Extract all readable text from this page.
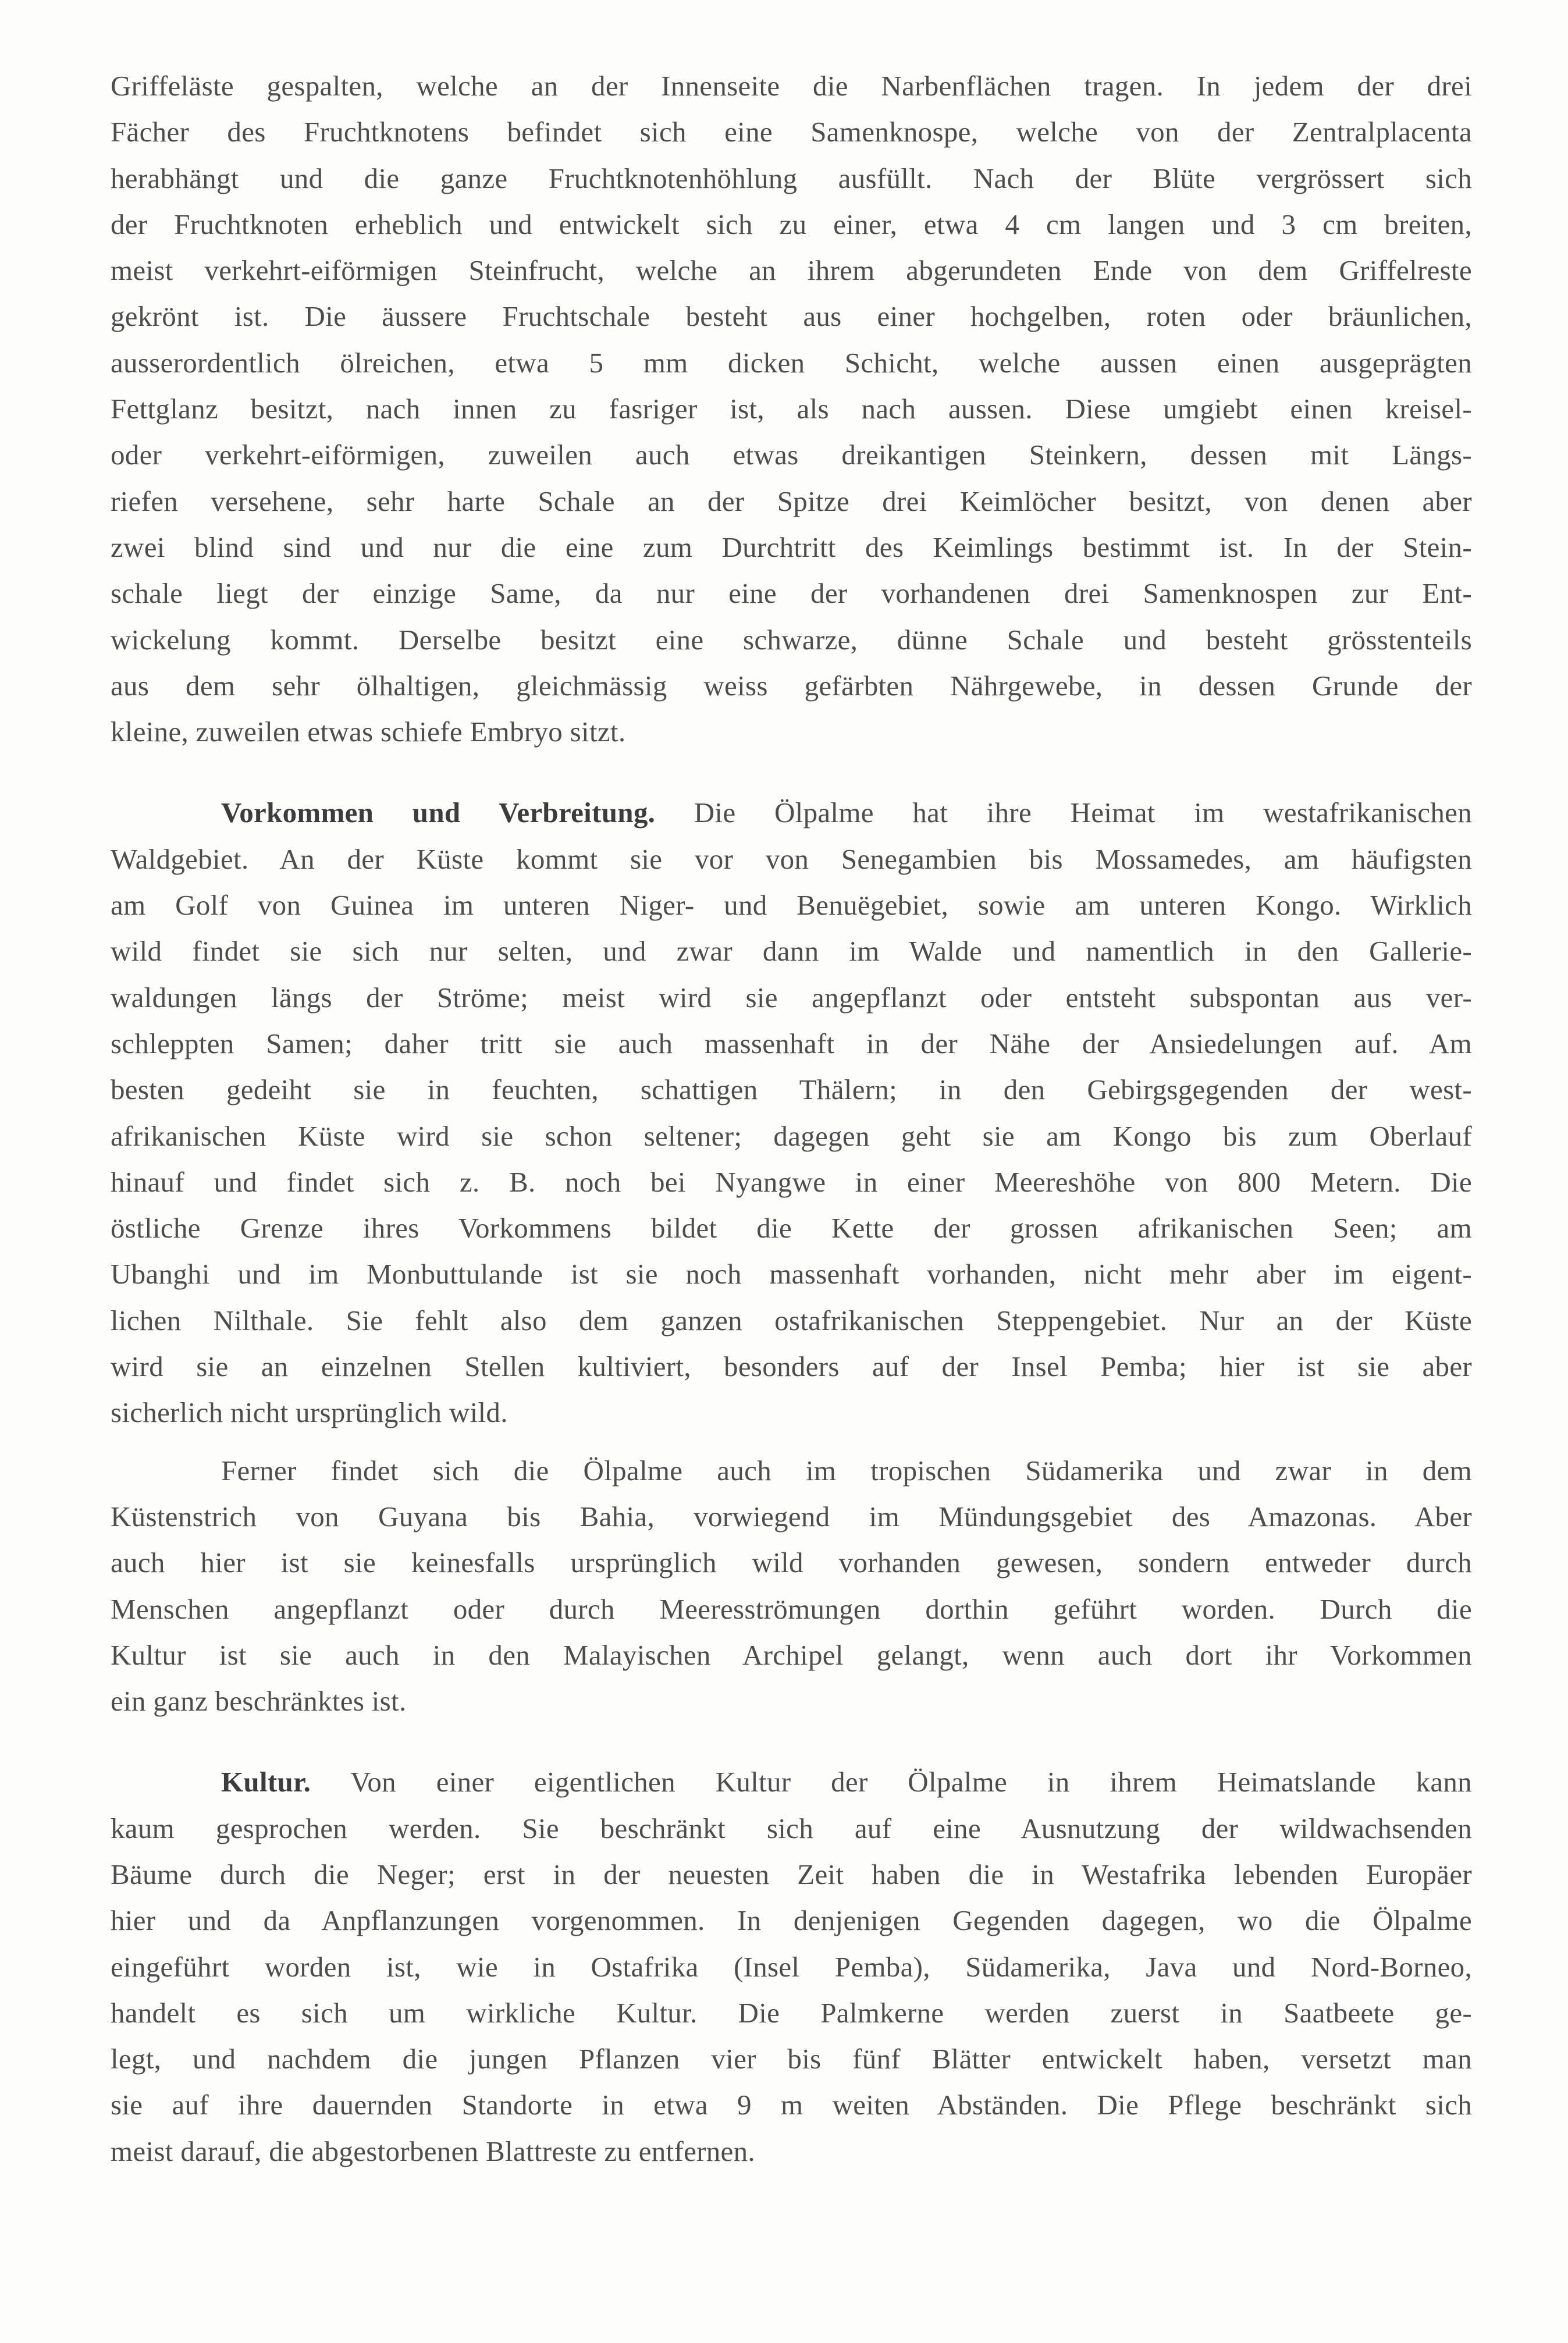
Griffeläste gespalten, welche an der Innenseite die Narbenflächen tragen. In jedem der drei

Fächer des Fruchtknotens befindet sich eine Samenknospe, welche von der Zentralplacenta

herabhängt und die ganze Fruchtknotenhöhlung ausfüllt. Nach der Blüte vergrössert sich

der Fruchtknoten erheblich und entwickelt sich zu einer, etwa 4 cm langen und 3 cm breiten,

meist verkehrt-eiförmigen Steinfrucht, welche an ihrem abgerundeten Ende von dem Griffelreste

gekrönt ist. Die äussere Fruchtschale besteht aus einer hochgelben, roten oder bräunlichen,

ausserordentlich ölreichen, etwa 5 mm dicken Schicht, welche aussen einen ausgeprägten

Fettglanz besitzt, nach innen zu fasriger ist, als nach aussen. Diese umgiebt einen kreisel-

oder verkehrt-eiförmigen, zuweilen auch etwas dreikantigen Steinkern, dessen mit Längs-

riefen versehene, sehr harte Schale an der Spitze drei Keimlöcher besitzt, von denen aber

zwei blind sind und nur die eine zum Durchtritt des Keimlings bestimmt ist. In der Stein-

schale liegt der einzige Same, da nur eine der vorhandenen drei Samenknospen zur Ent-

wickelung kommt. Derselbe besitzt eine schwarze, dünne Schale und besteht grösstenteils

aus dem sehr ölhaltigen, gleichmässig weiss gefärbten Nährgewebe, in dessen Grunde der

kleine, zuweilen etwas schiefe Embryo sitzt.

Vorkommen und Verbreitung. Die Ölpalme hat ihre Heimat im westafrikanischen

Waldgebiet. An der Küste kommt sie vor von Senegambien bis Mossamedes, am häufigsten

am Golf von Guinea im unteren Niger- und Benuëgebiet, sowie am unteren Kongo. Wirklich

wild findet sie sich nur selten, und zwar dann im Walde und namentlich in den Gallerie-

waldungen längs der Ströme; meist wird sie angepflanzt oder entsteht subspontan aus ver-

schleppten Samen; daher tritt sie auch massenhaft in der Nähe der Ansiedelungen auf. Am

besten gedeiht sie in feuchten, schattigen Thälern; in den Gebirgsgegenden der west-

afrikanischen Küste wird sie schon seltener; dagegen geht sie am Kongo bis zum Oberlauf

hinauf und findet sich z. B. noch bei Nyangwe in einer Meereshöhe von 800 Metern. Die

östliche Grenze ihres Vorkommens bildet die Kette der grossen afrikanischen Seen; am

Ubanghi und im Monbuttulande ist sie noch massenhaft vorhanden, nicht mehr aber im eigent-

lichen Nilthale. Sie fehlt also dem ganzen ostafrikanischen Steppengebiet. Nur an der Küste

wird sie an einzelnen Stellen kultiviert, besonders auf der Insel Pemba; hier ist sie aber

sicherlich nicht ursprünglich wild.

Ferner findet sich die Ölpalme auch im tropischen Südamerika und zwar in dem

Küstenstrich von Guyana bis Bahia, vorwiegend im Mündungsgebiet des Amazonas. Aber

auch hier ist sie keinesfalls ursprünglich wild vorhanden gewesen, sondern entweder durch

Menschen angepflanzt oder durch Meeresströmungen dorthin geführt worden. Durch die

Kultur ist sie auch in den Malayischen Archipel gelangt, wenn auch dort ihr Vorkommen

ein ganz beschränktes ist.

Kultur. Von einer eigentlichen Kultur der Ölpalme in ihrem Heimatslande kann

kaum gesprochen werden. Sie beschränkt sich auf eine Ausnutzung der wildwachsenden

Bäume durch die Neger; erst in der neuesten Zeit haben die in Westafrika lebenden Europäer

hier und da Anpflanzungen vorgenommen. In denjenigen Gegenden dagegen, wo die Ölpalme

eingeführt worden ist, wie in Ostafrika (Insel Pemba), Südamerika, Java und Nord-Borneo,

handelt es sich um wirkliche Kultur. Die Palmkerne werden zuerst in Saatbeete ge-

legt, und nachdem die jungen Pflanzen vier bis fünf Blätter entwickelt haben, versetzt man

sie auf ihre dauernden Standorte in etwa 9 m weiten Abständen. Die Pflege beschränkt sich

meist darauf, die abgestorbenen Blattreste zu entfernen.
